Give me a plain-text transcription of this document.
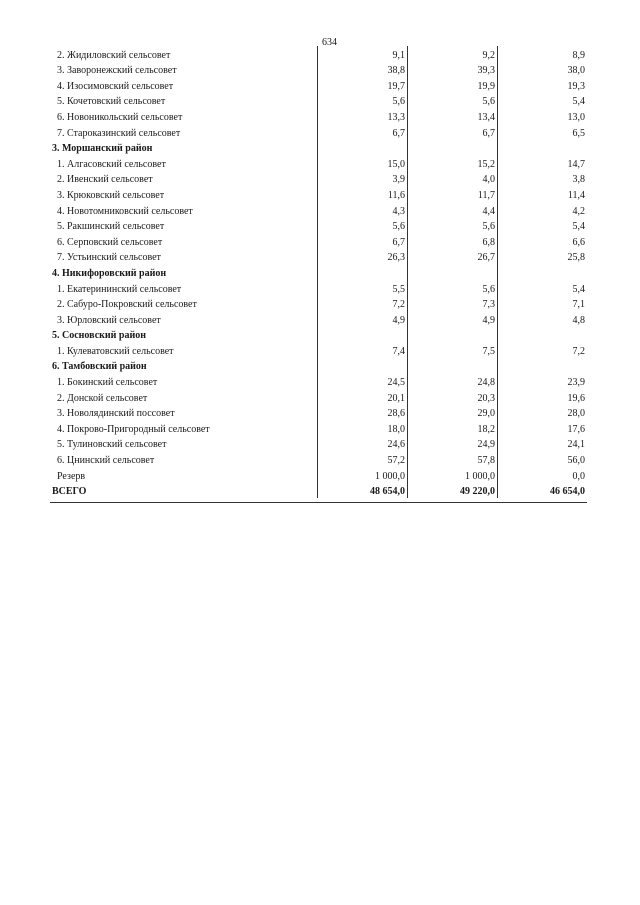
634
2. Жидиловский сельсовет	9,1	9,2	8,9
3. Заворонежский сельсовет	38,8	39,3	38,0
4. Изосимовский сельсовет	19,7	19,9	19,3
5. Кочетовский сельсовет	5,6	5,6	5,4
6. Новоникольский сельсовет	13,3	13,4	13,0
7. Староказинский сельсовет	6,7	6,7	6,5
3. Моршанский район
1. Алгасовский сельсовет	15,0	15,2	14,7
2. Ивенский сельсовет	3,9	4,0	3,8
3. Крюковский сельсовет	11,6	11,7	11,4
4. Новотомниковский сельсовет	4,3	4,4	4,2
5. Ракшинский сельсовет	5,6	5,6	5,4
6. Серповский сельсовет	6,7	6,8	6,6
7. Устьинский сельсовет	26,3	26,7	25,8
4. Никифоровский район
1. Екатерининский сельсовет	5,5	5,6	5,4
2. Сабуро-Покровский сельсовет	7,2	7,3	7,1
3. Юрловский сельсовет	4,9	4,9	4,8
5. Сосновский район
1. Кулеватовский сельсовет	7,4	7,5	7,2
6. Тамбовский район
1. Бокинский сельсовет	24,5	24,8	23,9
2. Донской сельсовет	20,1	20,3	19,6
3. Новолядинский поссовет	28,6	29,0	28,0
4. Покрово-Пригородный сельсовет	18,0	18,2	17,6
5. Тулиновский сельсовет	24,6	24,9	24,1
6. Цнинский сельсовет	57,2	57,8	56,0
Резерв	1 000,0	1 000,0	0,0
ВСЕГО	48 654,0	49 220,0	46 654,0
